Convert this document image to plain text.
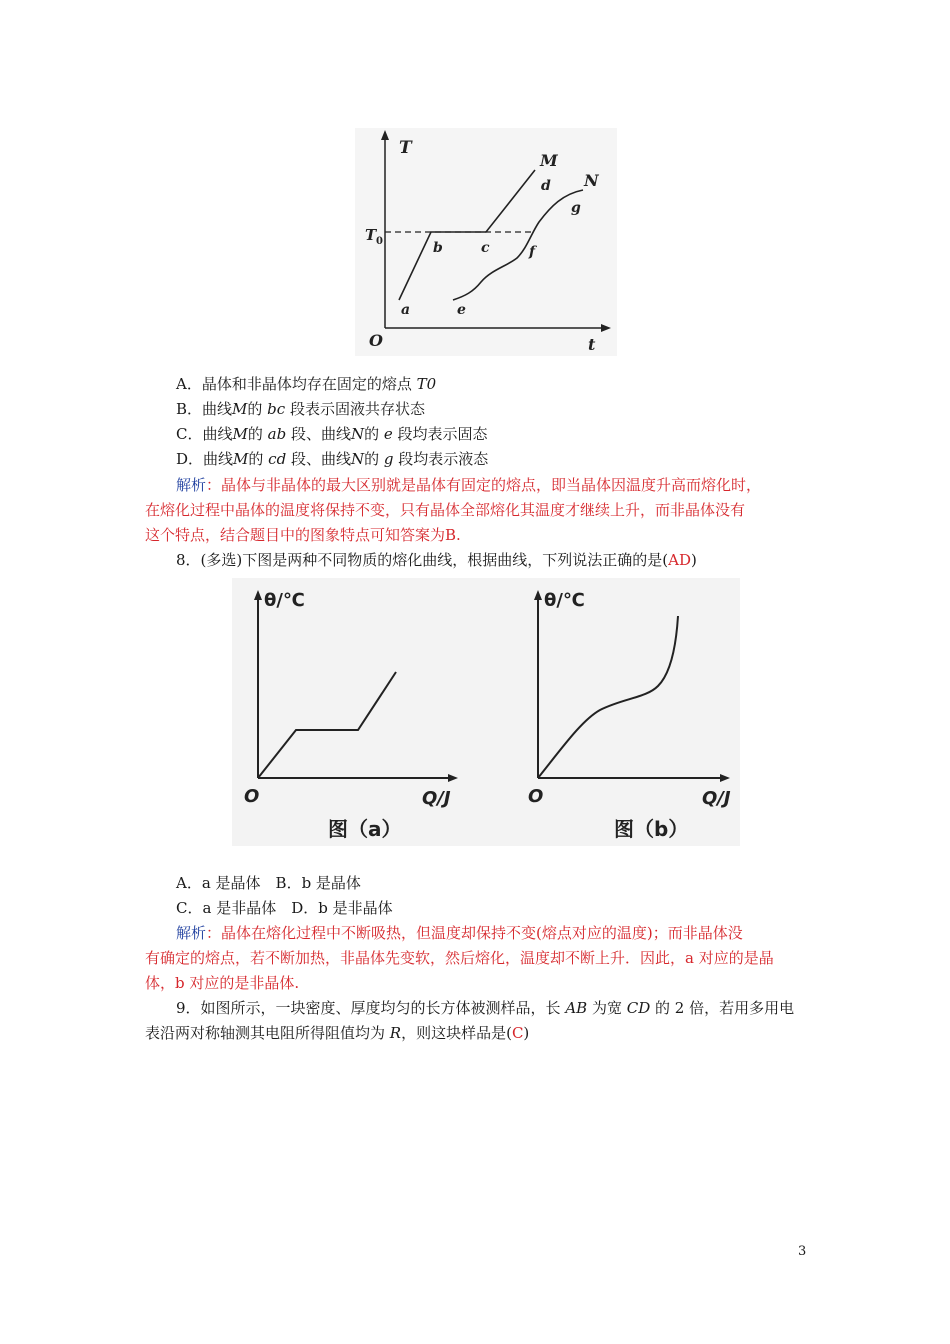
T
t
O
T 0
a
b	c
d
e
f
g
M
N
A．晶体和非晶体均存在固定的熔点 T0
B．曲线M的 bc 段表示固液共存状态
C．曲线M的 ab 段、曲线N的 e 段均表示固态
D．曲线M的 cd 段、曲线N的 g 段均表示液态
解析：晶体与非晶体的最大区别就是晶体有固定的熔点，即当晶体因温度升高而熔化时，
在熔化过程中晶体的温度将保持不变，只有晶体全部熔化其温度才继续上升，而非晶体没有
这个特点，结合题目中的图象特点可知答案为B.
8．(多选)下图是两种不同物质的熔化曲线，根据曲线，下列说法正确的是(AD)
θ/℃
Q/J
O
图（a）
θ/℃
Q/J
O
图（b）
A．a 是晶体　B．b 是晶体
C．a 是非晶体　D．b 是非晶体
解析：晶体在熔化过程中不断吸热，但温度却保持不变(熔点对应的温度)；而非晶体没
有确定的熔点，若不断加热，非晶体先变软，然后熔化，温度却不断上升．因此，a 对应的是晶
体，b 对应的是非晶体.
9．如图所示，一块密度、厚度均匀的长方体被测样品，长 AB 为宽 CD 的 2 倍，若用多用电
表沿两对称轴测其电阻所得阻值均为 R，则这块样品是(C)
3
